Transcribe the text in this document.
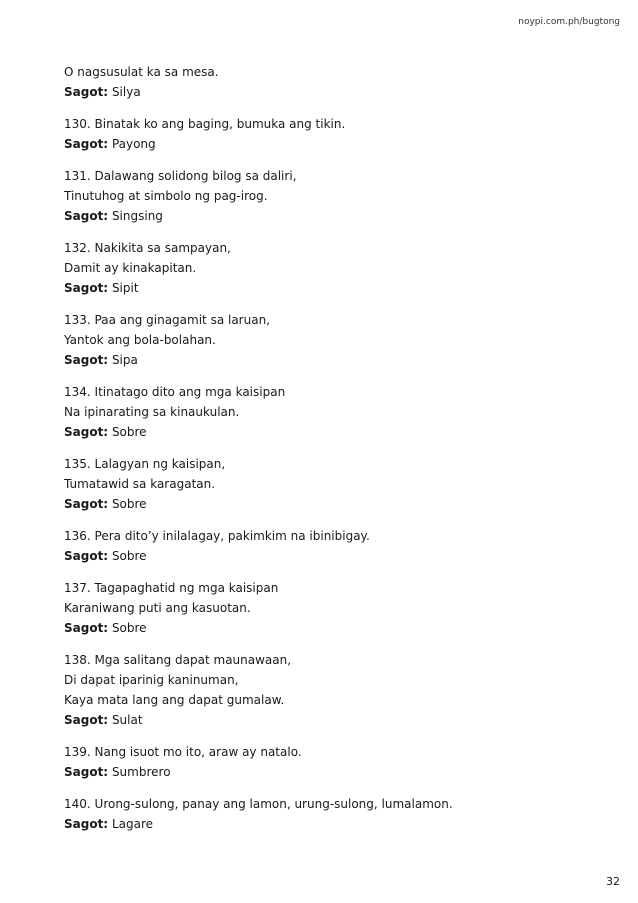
noypi.com.ph/bugtong
O nagsusulat ka sa mesa.
Sagot: Silya
130. Binatak ko ang baging, bumuka ang tikin.
Sagot: Payong
131. Dalawang solidong bilog sa daliri,
Tinutuhog at simbolo ng pag-irog.
Sagot: Singsing
132. Nakikita sa sampayan,
Damit ay kinakapitan.
Sagot: Sipit
133. Paa ang ginagamit sa laruan,
Yantok ang bola-bolahan.
Sagot: Sipa
134. Itinatago dito ang mga kaisipan
Na ipinarating sa kinaukulan.
Sagot: Sobre
135. Lalagyan ng kaisipan,
Tumatawid sa karagatan.
Sagot: Sobre
136. Pera dito’y inilalagay, pakimkim na ibinibigay.
Sagot: Sobre
137. Tagapaghatid ng mga kaisipan
Karaniwang puti ang kasuotan.
Sagot: Sobre
138. Mga salitang dapat maunawaan,
Di dapat iparinig kaninuman,
Kaya mata lang ang dapat gumalaw.
Sagot: Sulat
139. Nang isuot mo ito, araw ay natalo.
Sagot: Sumbrero
140. Urong-sulong, panay ang lamon, urung-sulong, lumalamon.
Sagot: Lagare
32
